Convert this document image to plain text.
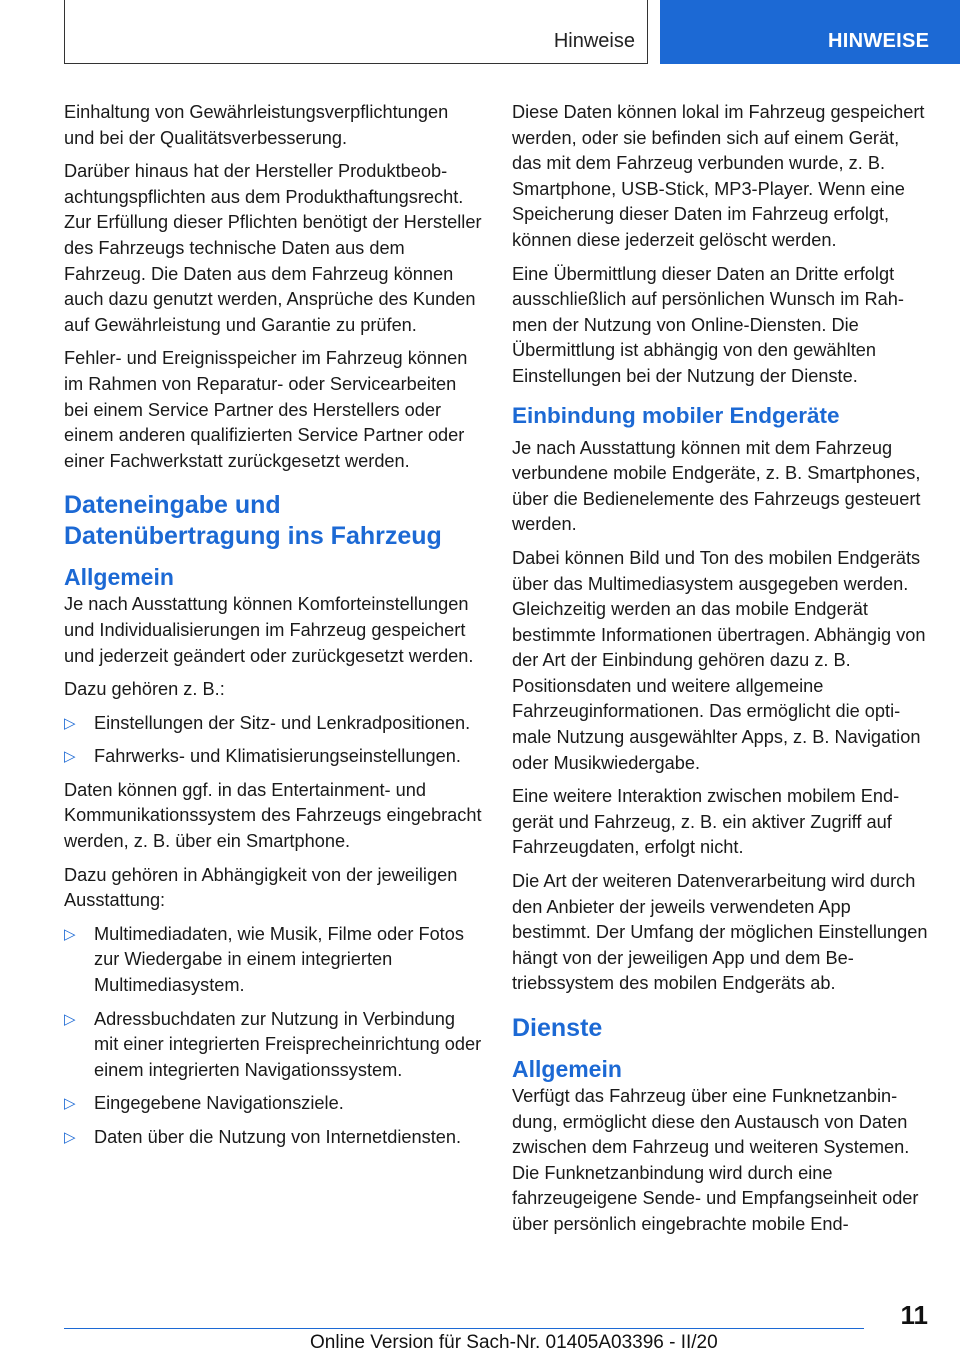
Hinweise	HINWEISE

Einhaltung von Gewährleistungsverpflichtungen und bei der Qualitätsverbesserung.

Darüber hinaus hat der Hersteller Produktbeobachtungspflichten aus dem Produkthaftungsrecht. Zur Erfüllung dieser Pflichten benötigt der Hersteller des Fahrzeugs technische Daten aus dem Fahrzeug. Die Daten aus dem Fahrzeug können auch dazu genutzt werden, Ansprüche des Kunden auf Gewährleistung und Garantie zu prüfen.

Fehler- und Ereignisspeicher im Fahrzeug können im Rahmen von Reparatur- oder Servicearbeiten bei einem Service Partner des Herstellers oder einem anderen qualifizierten Service Partner oder einer Fachwerkstatt zurückgesetzt werden.

Dateneingabe und Datenübertragung ins Fahrzeug
Allgemein

Je nach Ausstattung können Komforteinstellungen und Individualisierungen im Fahrzeug gespeichert und jederzeit geändert oder zurückgesetzt werden.

Dazu gehören z. B.:

▷ Einstellungen der Sitz- und Lenkradpositionen.
▷ Fahrwerks- und Klimatisierungseinstellungen.

Daten können ggf. in das Entertainment- und Kommunikationssystem des Fahrzeugs eingebracht werden, z. B. über ein Smartphone.

Dazu gehören in Abhängigkeit von der jeweiligen Ausstattung:

▷ Multimediadaten, wie Musik, Filme oder Fotos zur Wiedergabe in einem integrierten Multimediasystem.
▷ Adressbuchdaten zur Nutzung in Verbindung mit einer integrierten Freisprecheinrichtung oder einem integrierten Navigationssystem.
▷ Eingegebene Navigationsziele.
▷ Daten über die Nutzung von Internetdiensten.

Diese Daten können lokal im Fahrzeug gespeichert werden, oder sie befinden sich auf einem Gerät, das mit dem Fahrzeug verbunden wurde, z. B. Smartphone, USB-Stick, MP3-Player. Wenn eine Speicherung dieser Daten im Fahrzeug erfolgt, können diese jederzeit gelöscht werden.

Eine Übermittlung dieser Daten an Dritte erfolgt ausschließlich auf persönlichen Wunsch im Rahmen der Nutzung von Online-Diensten. Die Übermittlung ist abhängig von den gewählten Einstellungen bei der Nutzung der Dienste.

Einbindung mobiler Endgeräte

Je nach Ausstattung können mit dem Fahrzeug verbundene mobile Endgeräte, z. B. Smartphones, über die Bedienelemente des Fahrzeugs gesteuert werden.

Dabei können Bild und Ton des mobilen Endgeräts über das Multimediasystem ausgegeben werden. Gleichzeitig werden an das mobile Endgerät bestimmte Informationen übertragen. Abhängig von der Art der Einbindung gehören dazu z. B. Positionsdaten und weitere allgemeine Fahrzeuginformationen. Das ermöglicht die optimale Nutzung ausgewählter Apps, z. B. Navigation oder Musikwiedergabe.

Eine weitere Interaktion zwischen mobilem Endgerät und Fahrzeug, z. B. ein aktiver Zugriff auf Fahrzeugdaten, erfolgt nicht.

Die Art der weiteren Datenverarbeitung wird durch den Anbieter der jeweils verwendeten App bestimmt. Der Umfang der möglichen Einstellungen hängt von der jeweiligen App und dem Betriebssystem des mobilen Endgeräts ab.

Dienste
Allgemein

Verfügt das Fahrzeug über eine Funknetzanbindung, ermöglicht diese den Austausch von Daten zwischen dem Fahrzeug und weiteren Systemen. Die Funknetzanbindung wird durch eine fahrzeugeigene Sende- und Empfangseinheit oder über persönlich eingebrachte mobile End-

11
Online Version für Sach-Nr. 01405A03396 - II/20
